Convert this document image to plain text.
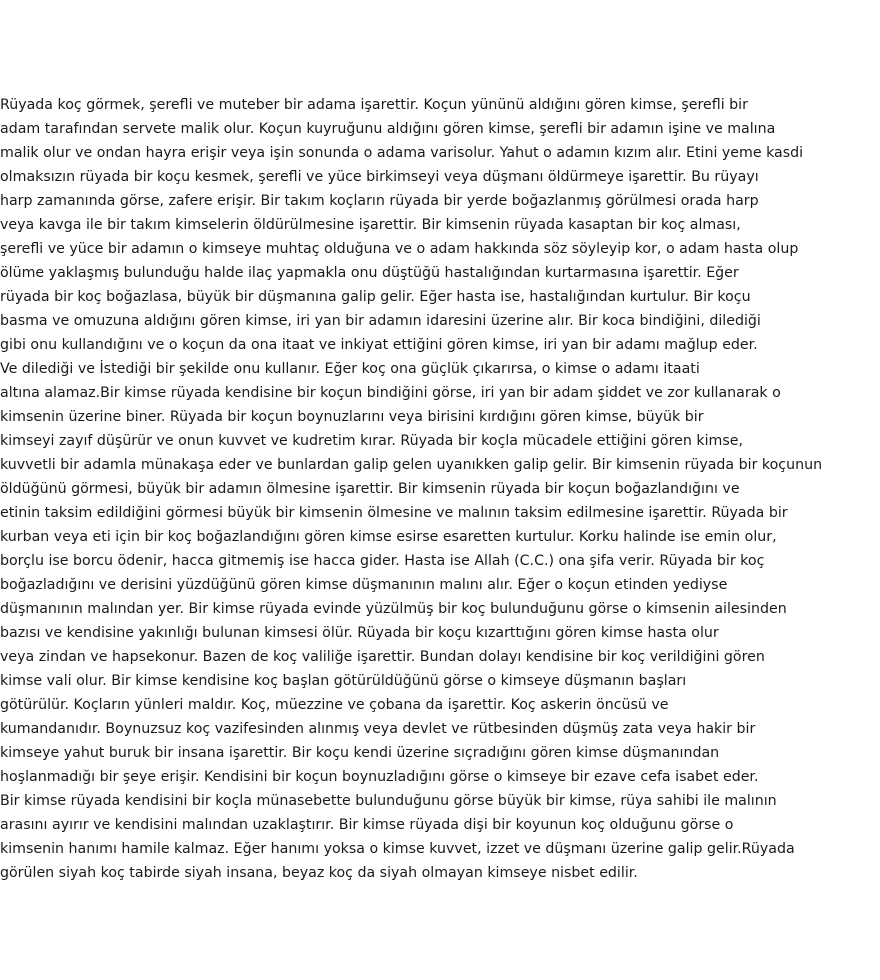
Rüyada koç görmek, şerefli ve muteber bir adama işarettir. Koçun yününü aldığını gören kimse, şerefli bir
adam tarafından servete malik olur. Koçun kuyruğunu aldığını gören kimse, şerefli bir adamın işine ve malına
malik olur ve ondan hayra erişir veya işin sonunda o adama varisolur. Yahut o adamın kızım alır. Etini yeme kasdi
olmaksızın rüyada bir koçu kesmek, şerefli ve yüce birkimseyi veya düşmanı öldürmeye işarettir. Bu rüyayı
harp zamanında görse, zafere erişir. Bir takım koçların rüyada bir yerde boğazlanmış görülmesi orada harp
veya kavga ile bir takım kimselerin öldürülmesine işarettir. Bir kimsenin rüyada kasaptan bir koç alması,
şerefli ve yüce bir adamın o kimseye muhtaç olduğuna ve o adam hakkında söz söyleyip kor, o adam hasta olup
ölüme yaklaşmış bulunduğu halde ilaç yapmakla onu düştüğü hastalığından kurtarmasına işarettir. Eğer
rüyada bir koç boğazlasa, büyük bir düşmanına galip gelir. Eğer hasta ise, hastalığından kurtulur. Bir koçu
basma ve omuzuna aldığını gören kimse, iri yan bir adamın idaresini üzerine alır. Bir koca bindiğini, dilediği
gibi onu kullandığını ve o koçun da ona itaat ve inkiyat ettiğini gören kimse, iri yan bir adamı mağlup eder.
Ve dilediği ve İstediği bir şekilde onu kullanır. Eğer koç ona güçlük çıkarırsa, o kimse o adamı itaati
altına alamaz.Bir kimse rüyada kendisine bir koçun bindiğini görse, iri yan bir adam şiddet ve zor kullanarak o
kimsenin üzerine biner. Rüyada bir koçun boynuzlarını veya birisini kırdığını gören kimse, büyük bir
kimseyi zayıf düşürür ve onun kuvvet ve kudretim kırar. Rüyada bir koçla mücadele ettiğini gören kimse,
kuvvetli bir adamla münakaşa eder ve bunlardan galip gelen uyanıkken galip gelir. Bir kimsenin rüyada bir koçunun
öldüğünü görmesi, büyük bir adamın ölmesine işarettir. Bir kimsenin rüyada bir koçun boğazlandığını ve
etinin taksim edildiğini görmesi büyük bir kimsenin ölmesine ve malının taksim edilmesine işarettir. Rüyada bir
kurban veya eti için bir koç boğazlandığını gören kimse esirse esaretten kurtulur. Korku halinde ise emin olur,
borçlu ise borcu ödenir, hacca gitmemiş ise hacca gider. Hasta ise Allah (C.C.) ona şifa verir. Rüyada bir koç
boğazladığını ve derisini yüzdüğünü gören kimse düşmanının malını alır. Eğer o koçun etinden yediyse
düşmanının malından yer. Bir kimse rüyada evinde yüzülmüş bir koç bulunduğunu görse o kimsenin ailesinden
bazısı ve kendisine yakınlığı bulunan kimsesi ölür. Rüyada bir koçu kızarttığını gören kimse hasta olur
veya zindan ve hapsekonur. Bazen de koç valiliğe işarettir. Bundan dolayı kendisine bir koç verildiğini gören
kimse vali olur. Bir kimse kendisine koç başlan götürüldüğünü görse o kimseye düşmanın başları
götürülür. Koçların yünleri maldır. Koç, müezzine ve çobana da işarettir. Koç askerin öncüsü ve
kumandanıdır. Boynuzsuz koç vazifesinden alınmış veya devlet ve rütbesinden düşmüş zata veya hakir bir
kimseye yahut buruk bir insana işarettir. Bir koçu kendi üzerine sıçradığını gören kimse düşmanından
hoşlanmadığı bir şeye erişir. Kendisini bir koçun boynuzladığını görse o kimseye bir ezave cefa isabet eder.
Bir kimse rüyada kendisini bir koçla münasebette bulunduğunu görse büyük bir kimse, rüya sahibi ile malının
arasını ayırır ve kendisini malından uzaklaştırır. Bir kimse rüyada dişi bir koyunun koç olduğunu görse o
kimsenin hanımı hamile kalmaz. Eğer hanımı yoksa o kimse kuvvet, izzet ve düşmanı üzerine galip gelir.Rüyada
görülen siyah koç tabirde siyah insana, beyaz koç da siyah olmayan kimseye nisbet edilir.
